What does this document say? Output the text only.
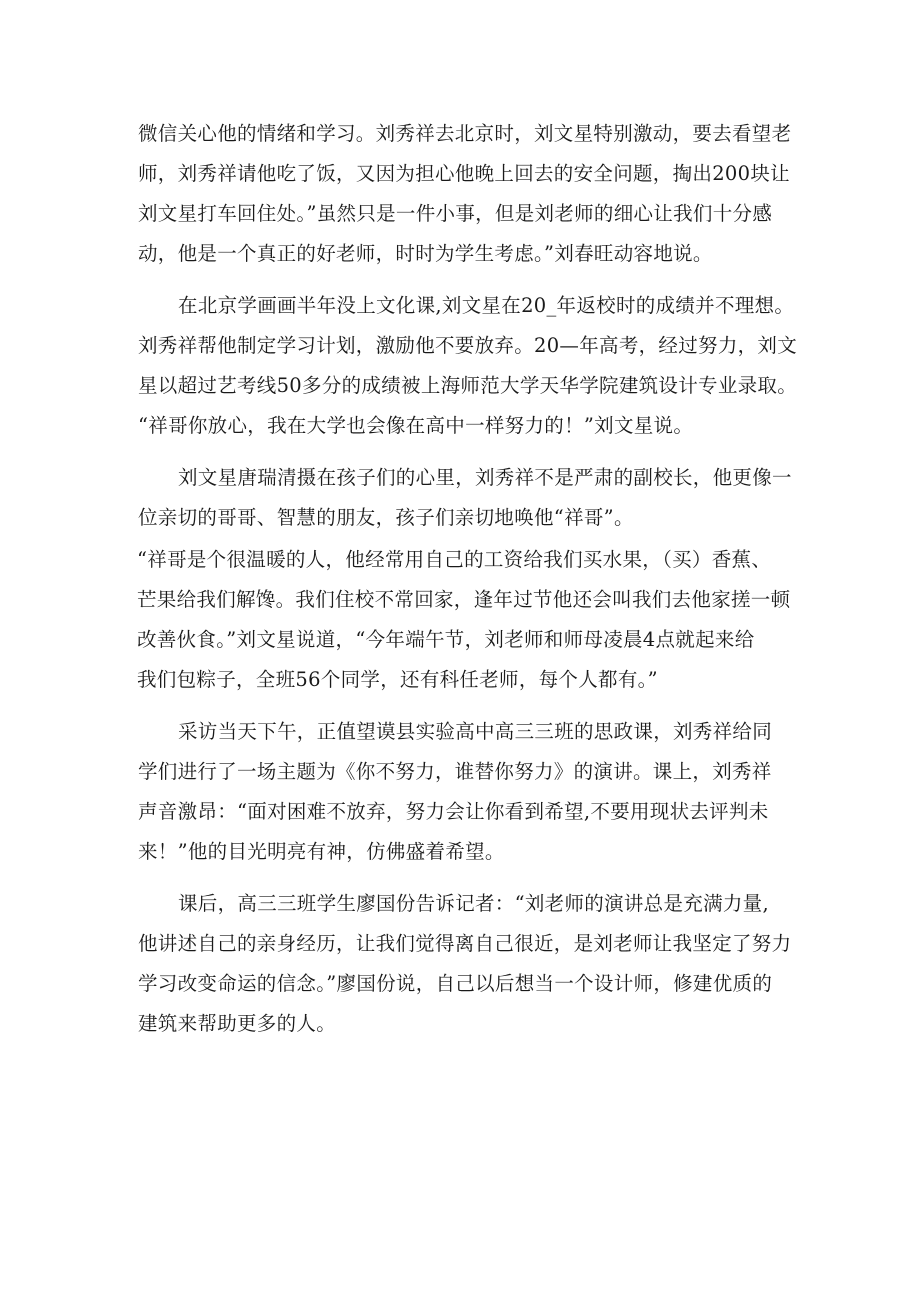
微信关心他的情绪和学习。刘秀祥去北京时，刘文星特别激动，要去看望老
师，刘秀祥请他吃了饭，又因为担心他晚上回去的安全问题，掏出200块让
刘文星打车回住处。”虽然只是一件小事，但是刘老师的细心让我们十分感
动，他是一个真正的好老师，时时为学生考虑。”刘春旺动容地说。

在北京学画画半年没上文化课,刘文星在20_年返校时的成绩并不理想。
刘秀祥帮他制定学习计划，激励他不要放弃。20—年高考，经过努力，刘文
星以超过艺考线50多分的成绩被上海师范大学天华学院建筑设计专业录取。
“祥哥你放心，我在大学也会像在高中一样努力的！”刘文星说。

刘文星唐瑞清摄在孩子们的心里，刘秀祥不是严肃的副校长，他更像一
位亲切的哥哥、智慧的朋友，孩子们亲切地唤他“祥哥”。

“祥哥是个很温暖的人，他经常用自己的工资给我们买水果，（买）香蕉、
芒果给我们解馋。我们住校不常回家，逢年过节他还会叫我们去他家搓一顿
改善伙食。”刘文星说道，“今年端午节，刘老师和师母凌晨4点就起来给
我们包粽子，全班56个同学，还有科任老师，每个人都有。”

采访当天下午，正值望谟县实验高中高三三班的思政课，刘秀祥给同
学们进行了一场主题为《你不努力，谁替你努力》的演讲。课上，刘秀祥
声音激昂：“面对困难不放弃，努力会让你看到希望,不要用现状去评判未
来！”他的目光明亮有神，仿佛盛着希望。

课后，高三三班学生廖国份告诉记者：“刘老师的演讲总是充满力量,
他讲述自己的亲身经历，让我们觉得离自己很近，是刘老师让我坚定了努力
学习改变命运的信念。”廖国份说，自己以后想当一个设计师，修建优质的
建筑来帮助更多的人。
